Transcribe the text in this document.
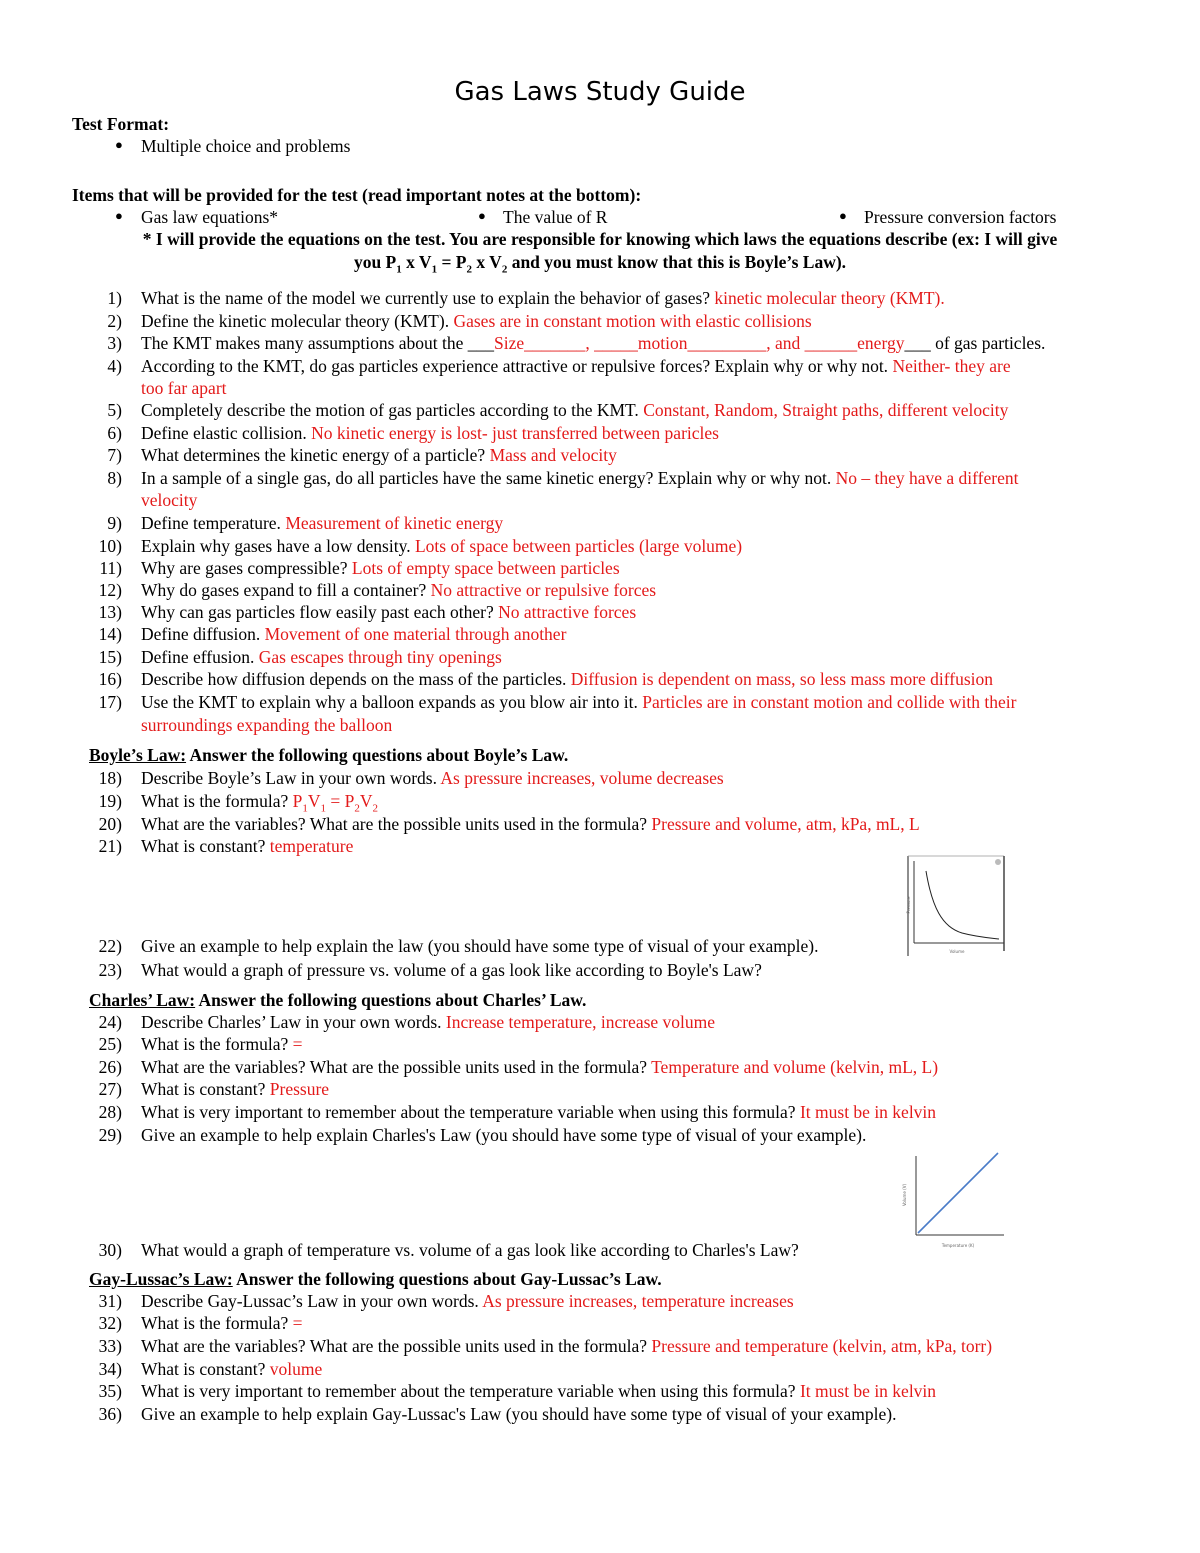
Gas Laws Study Guide
Test Format:
● Multiple choice and problems
Items that will be provided for the test (read important notes at the bottom):
● Gas law equations*	● The value of R	● Pressure conversion factors
* I will provide the equations on the test. You are responsible for knowing which laws the equations describe (ex: I will give
you $P_1$ x $V_1 = P_2$ x $V_2$ and you must know that this is Boyle’s Law).
1) What is the name of the model we currently use to explain the behavior of gases? kinetic molecular theory (KMT).
2) Define the kinetic molecular theory (KMT). Gases are in constant motion with elastic collisions
3) The KMT makes many assumptions about the ___Size_______, _____motion_________, and ______energy___ of gas particles.
4) According to the KMT, do gas particles experience attractive or repulsive forces? Explain why or why not. Neither- they are
too far apart
5) Completely describe the motion of gas particles according to the KMT. Constant, Random, Straight paths, different velocity
6) Define elastic collision. No kinetic energy is lost- just transferred between paricles
7) What determines the kinetic energy of a particle? Mass and velocity
8) In a sample of a single gas, do all particles have the same kinetic energy? Explain why or why not. No – they have a different
velocity
9) Define temperature. Measurement of kinetic energy
10) Explain why gases have a low density. Lots of space between particles (large volume)
11) Why are gases compressible? Lots of empty space between particles
12) Why do gases expand to fill a container? No attractive or repulsive forces
13) Why can gas particles flow easily past each other? No attractive forces
14) Define diffusion. Movement of one material through another
15) Define effusion. Gas escapes through tiny openings
16) Describe how diffusion depends on the mass of the particles. Diffusion is dependent on mass, so less mass more diffusion
17) Use the KMT to explain why a balloon expands as you blow air into it. Particles are in constant motion and collide with their
surroundings expanding the balloon
Boyle’s Law: Answer the following questions about Boyle’s Law.
18) Describe Boyle’s Law in your own words. As pressure increases, volume decreases
19) What is the formula? $P_1V_1 = P_2V_2$
20) What are the variables? What are the possible units used in the formula? Pressure and volume, atm, kPa, mL, L
21) What is constant? temperature
Pressure
Volume
22) Give an example to help explain the law (you should have some type of visual of your example).
23) What would a graph of pressure vs. volume of a gas look like according to Boyle's Law?
Charles’ Law: Answer the following questions about Charles’ Law.
24) Describe Charles’ Law in your own words. Increase temperature, increase volume
25) What is the formula? =
26) What are the variables? What are the possible units used in the formula? Temperature and volume (kelvin, mL, L)
27) What is constant? Pressure
28) What is very important to remember about the temperature variable when using this formula? It must be in kelvin
29) Give an example to help explain Charles's Law (you should have some type of visual of your example).
Volume (V)
Temperature (K)
30) What would a graph of temperature vs. volume of a gas look like according to Charles's Law?
Gay-Lussac’s Law: Answer the following questions about Gay-Lussac’s Law.
31) Describe Gay-Lussac’s Law in your own words. As pressure increases, temperature increases
32) What is the formula? =
33) What are the variables? What are the possible units used in the formula? Pressure and temperature (kelvin, atm, kPa, torr)
34) What is constant? volume
35) What is very important to remember about the temperature variable when using this formula? It must be in kelvin
36) Give an example to help explain Gay-Lussac's Law (you should have some type of visual of your example).
